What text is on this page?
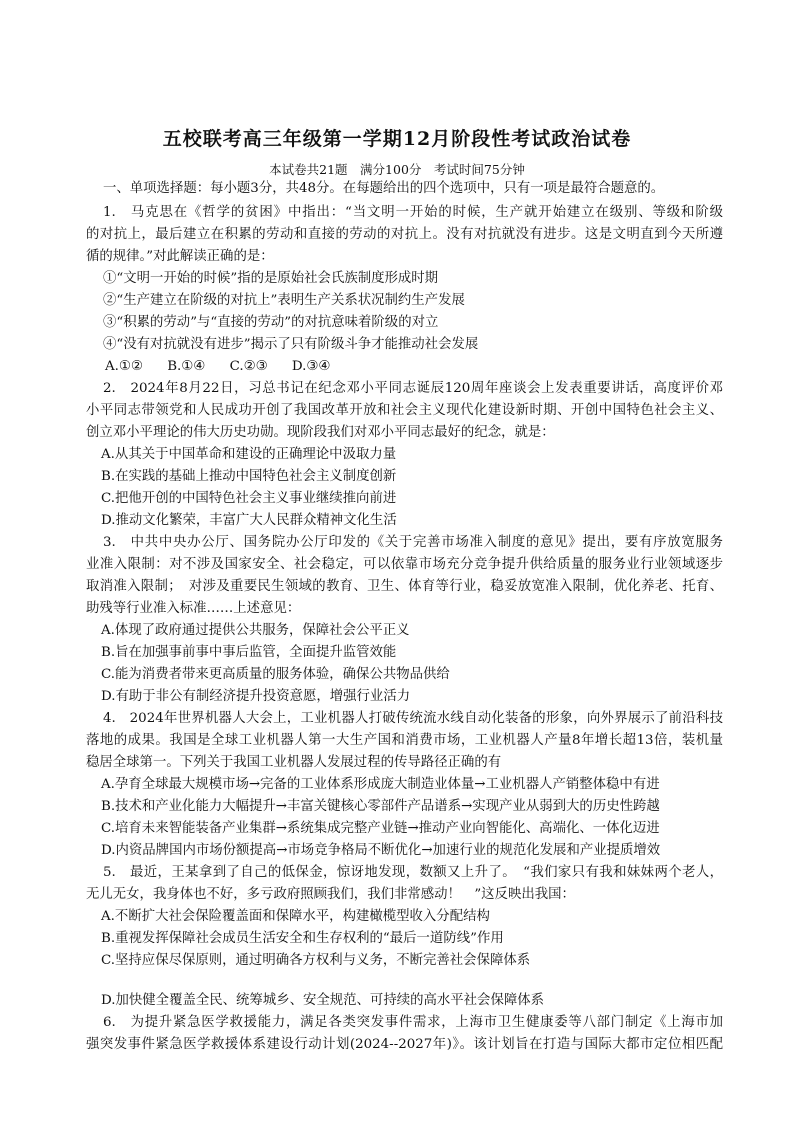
五校联考高三年级第一学期12月阶段性考试政治试卷
本试卷共21题　满分100分　考试时间75分钟
一、单项选择题：每小题3分，共48分。在每题给出的四个选项中，只有一项是最符合题意的。
1.　马克思在《哲学的贫困》中指出：“当文明一开始的时候，生产就开始建立在级别、等级和阶级
的对抗上，最后建立在积累的劳动和直接的劳动的对抗上。没有对抗就没有进步。这是文明直到今天所遵
循的规律。”对此解读正确的是：
①“文明一开始的时候”指的是原始社会氏族制度形成时期
②“生产建立在阶级的对抗上”表明生产关系状况制约生产发展
③“积累的劳动”与“直接的劳动”的对抗意味着阶级的对立
④“没有对抗就没有进步”揭示了只有阶级斗争才能推动社会发展
A.①② B.①④ C.②③ D.③④
2.　2024年8月22日，习总书记在纪念邓小平同志诞辰120周年座谈会上发表重要讲话，高度评价邓
小平同志带领党和人民成功开创了我国改革开放和社会主义现代化建设新时期、开创中国特色社会主义、
创立邓小平理论的伟大历史功勋。现阶段我们对邓小平同志最好的纪念，就是：
A.从其关于中国革命和建设的正确理论中汲取力量
B.在实践的基础上推动中国特色社会主义制度创新
C.把他开创的中国特色社会主义事业继续推向前进
D.推动文化繁荣，丰富广大人民群众精神文化生活
3.　中共中央办公厅、国务院办公厅印发的《关于完善市场准入制度的意见》提出，要有序放宽服务
业准入限制：对不涉及国家安全、社会稳定，可以依靠市场充分竞争提升供给质量的服务业行业领域逐步
取消准入限制；　对涉及重要民生领域的教育、卫生、体育等行业，稳妥放宽准入限制，优化养老、托育、
助残等行业准入标准……上述意见：
A.体现了政府通过提供公共服务，保障社会公平正义
B.旨在加强事前事中事后监管，全面提升监管效能
C.能为消费者带来更高质量的服务体验，确保公共物品供给
D.有助于非公有制经济提升投资意愿，增强行业活力
4.　2024年世界机器人大会上，工业机器人打破传统流水线自动化装备的形象，向外界展示了前沿科技
落地的成果。我国是全球工业机器人第一大生产国和消费市场，工业机器人产量8年增长超13倍，装机量
稳居全球第一。下列关于我国工业机器人发展过程的传导路径正确的有
A.孕育全球最大规模市场→完备的工业体系形成庞大制造业体量→工业机器人产销整体稳中有进
B.技术和产业化能力大幅提升→丰富关键核心零部件产品谱系→实现产业从弱到大的历史性跨越
C.培育未来智能装备产业集群→系统集成完整产业链→推动产业向智能化、高端化、一体化迈进
D.内资品牌国内市场份额提高→市场竞争格局不断优化→加速行业的规范化发展和产业提质增效
5.　最近，王某拿到了自己的低保金，惊讶地发现，数额又上升了。　“我们家只有我和妹妹两个老人，
无儿无女，我身体也不好，多亏政府照顾我们，我们非常感动！　”这反映出我国：
A.不断扩大社会保险覆盖面和保障水平，构建橄榄型收入分配结构
B.重视发挥保障社会成员生活安全和生存权利的“最后一道防线”作用
C.坚持应保尽保原则，通过明确各方权利与义务，不断完善社会保障体系
D.加快健全覆盖全民、统筹城乡、安全规范、可持续的高水平社会保障体系
6.　为提升紧急医学救援能力，满足各类突发事件需求，上海市卫生健康委等八部门制定《上海市加
强突发事件紧急医学救援体系建设行动计划(2024--2027年)》。该计划旨在打造与国际大都市定位相匹配
